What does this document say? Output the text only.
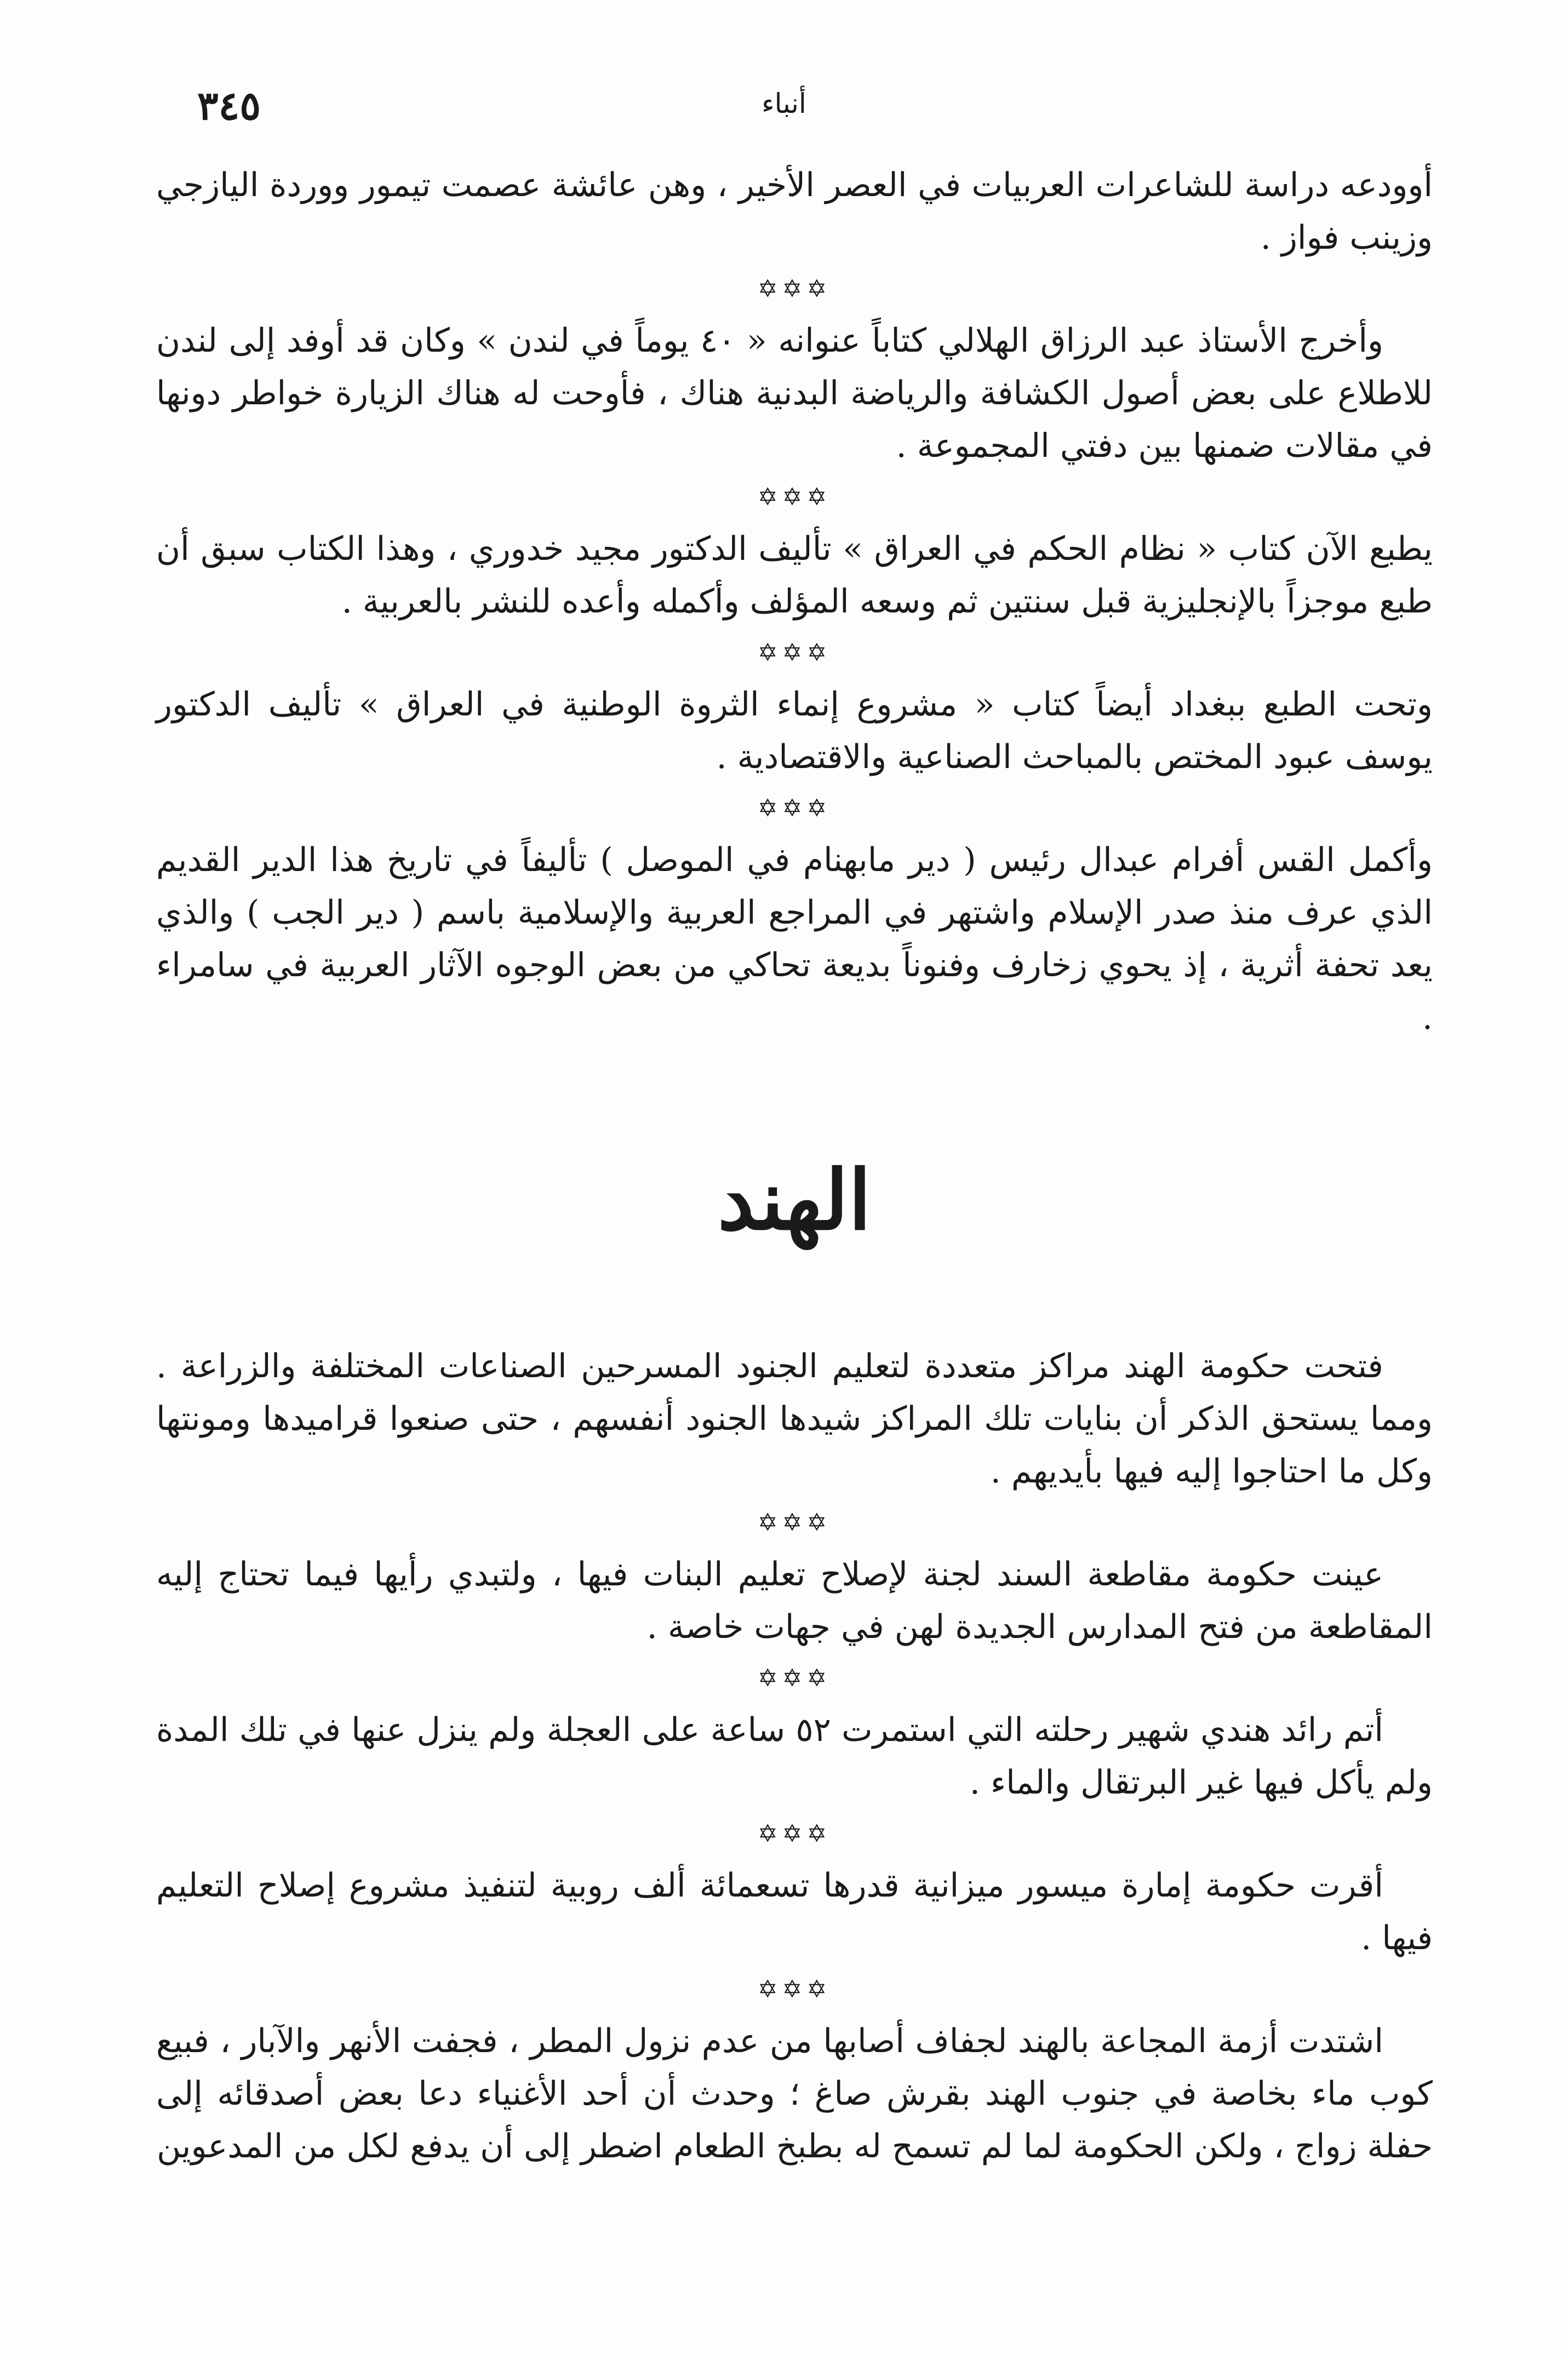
٣٤٥	أنباء

أوودعه دراسة للشاعرات العربيات في العصر الأخير ، وهن عائشة عصمت تيمور ووردة اليازجي وزينب فواز .

✡✡✡

وأخرج الأستاذ عبد الرزاق الهلالي كتاباً عنوانه « ٤٠ يوماً في لندن » وكان قد أوفد إلى لندن للاطلاع على بعض أصول الكشافة والرياضة البدنية هناك ، فأوحت له هناك الزيارة خواطر دونها في مقالات ضمنها بين دفتي المجموعة .

✡✡✡

يطبع الآن كتاب « نظام الحكم في العراق » تأليف الدكتور مجيد خدوري ، وهذا الكتاب سبق أن طبع موجزاً بالإنجليزية قبل سنتين ثم وسعه المؤلف وأكمله وأعده للنشر بالعربية .

✡✡✡

وتحت الطبع ببغداد أيضاً كتاب « مشروع إنماء الثروة الوطنية في العراق » تأليف الدكتور يوسف عبود المختص بالمباحث الصناعية والاقتصادية .

✡✡✡

وأكمل القس أفرام عبدال رئيس ( دير مابهنام في الموصل ) تأليفاً في تاريخ هذا الدير القديم الذي عرف منذ صدر الإسلام واشتهر في المراجع العربية والإسلامية باسم ( دير الجب ) والذي يعد تحفة أثرية ، إذ يحوي زخارف وفنوناً بديعة تحاكي من بعض الوجوه الآثار العربية في سامراء .

الهند

فتحت حكومة الهند مراكز متعددة لتعليم الجنود المسرحين الصناعات المختلفة والزراعة . ومما يستحق الذكر أن بنايات تلك المراكز شيدها الجنود أنفسهم ، حتى صنعوا قراميدها ومونتها وكل ما احتاجوا إليه فيها بأيديهم .

✡✡✡

عينت حكومة مقاطعة السند لجنة لإصلاح تعليم البنات فيها ، ولتبدي رأيها فيما تحتاج إليه المقاطعة من فتح المدارس الجديدة لهن في جهات خاصة .

✡✡✡

أتم رائد هندي شهير رحلته التي استمرت ٥٢ ساعة على العجلة ولم ينزل عنها في تلك المدة ولم يأكل فيها غير البرتقال والماء .

✡✡✡

أقرت حكومة إمارة ميسور ميزانية قدرها تسعمائة ألف روبية لتنفيذ مشروع إصلاح التعليم فيها .

✡✡✡

اشتدت أزمة المجاعة بالهند لجفاف أصابها من عدم نزول المطر ، فجفت الأنهر والآبار ، فبيع كوب ماء بخاصة في جنوب الهند بقرش صاغ ؛ وحدث أن أحد الأغنياء دعا بعض أصدقائه إلى حفلة زواج ، ولكن الحكومة لما لم تسمح له بطبخ الطعام اضطر إلى أن يدفع لكل من المدعوين
